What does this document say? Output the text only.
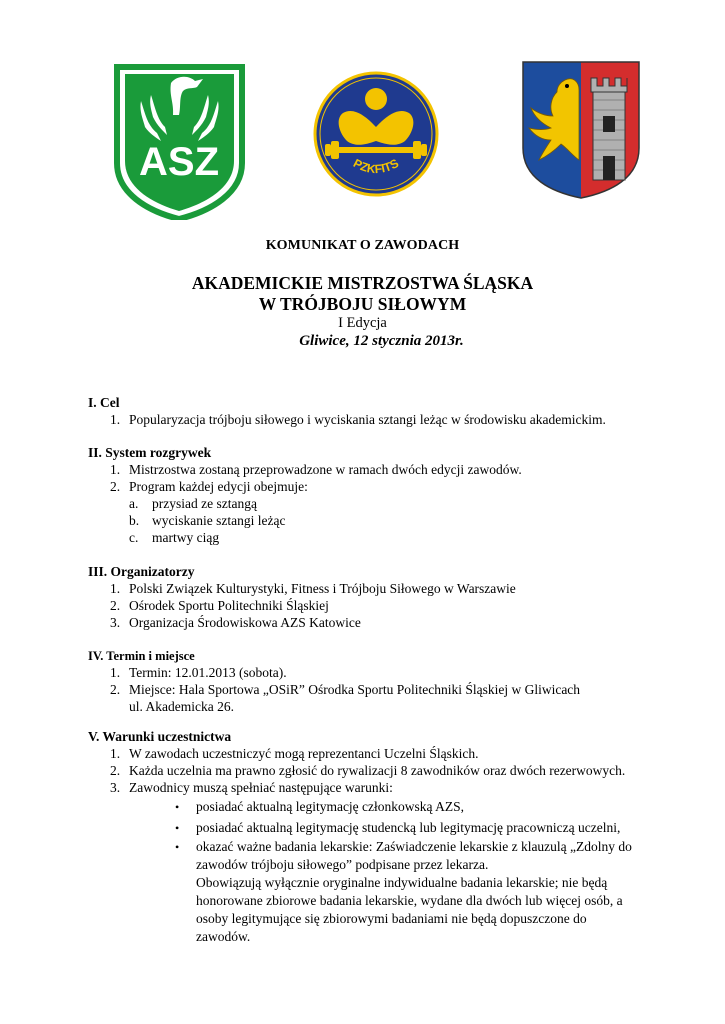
ASZ	PZKFITS
KOMUNIKAT O ZAWODACH
AKADEMICKIE MISTRZOSTWA ŚLĄSKA
W TRÓJBOJU SIŁOWYM
I Edycja
Gliwice, 12 stycznia 2013r.
I. Cel
1. Popularyzacja trójboju siłowego i wyciskania sztangi leżąc w środowisku akademickim.
II. System rozgrywek
1. Mistrzostwa zostaną przeprowadzone w ramach dwóch edycji zawodów.
2. Program każdej edycji obejmuje:
a. przysiad ze sztangą
b. wyciskanie sztangi leżąc
c. martwy ciąg
III. Organizatorzy
1. Polski Związek Kulturystyki, Fitness i Trójboju Siłowego w Warszawie
2. Ośrodek Sportu Politechniki Śląskiej
3. Organizacja Środowiskowa AZS Katowice
IV. Termin i miejsce
1. Termin: 12.01.2013 (sobota).
2. Miejsce: Hala Sportowa „OSiR” Ośrodka Sportu Politechniki Śląskiej w Gliwicach
ul. Akademicka 26.
V. Warunki uczestnictwa
1. W zawodach uczestniczyć mogą reprezentanci Uczelni Śląskich.
2. Każda uczelnia ma prawno zgłosić do rywalizacji 8 zawodników oraz dwóch rezerwowych.
3. Zawodnicy muszą spełniać następujące warunki:
• posiadać aktualną legitymację członkowską AZS,
• posiadać aktualną legitymację studencką lub legitymację pracowniczą uczelni,
• okazać ważne badania lekarskie: Zaświadczenie lekarskie z klauzulą „Zdolny do
zawodów trójboju siłowego” podpisane przez lekarza.
Obowiązują wyłącznie oryginalne indywidualne badania lekarskie; nie będą
honorowane zbiorowe badania lekarskie, wydane dla dwóch lub więcej osób, a
osoby legitymujące się zbiorowymi badaniami nie będą dopuszczone do
zawodów.
